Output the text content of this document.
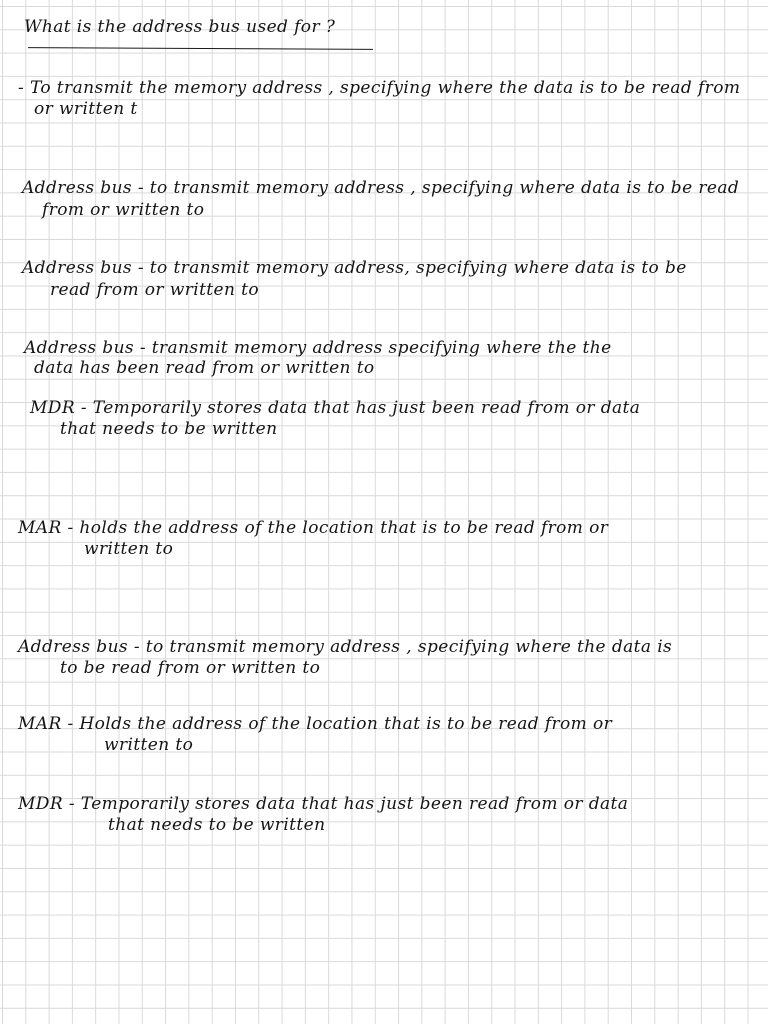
What is the address bus used for ?

- To transmit the memory address , specifying where the data is to be read from

or written t

Address bus - to transmit memory address , specifying where data is to be read

from or written to

Address bus - to transmit memory address, specifying where data is to be

read from or written to

Address bus - transmit memory address specifying where the the

data has been read from or written to

MDR - Temporarily stores data that has just been read from or data

that needs to be written

MAR - holds the address of the location that is to be read from or

written to

Address bus - to transmit memory address , specifying where the data is

to be read from or written to

MAR - Holds the address of the location that is to be read from or

written to

MDR - Temporarily stores data that has just been read from or data

that needs to be written
